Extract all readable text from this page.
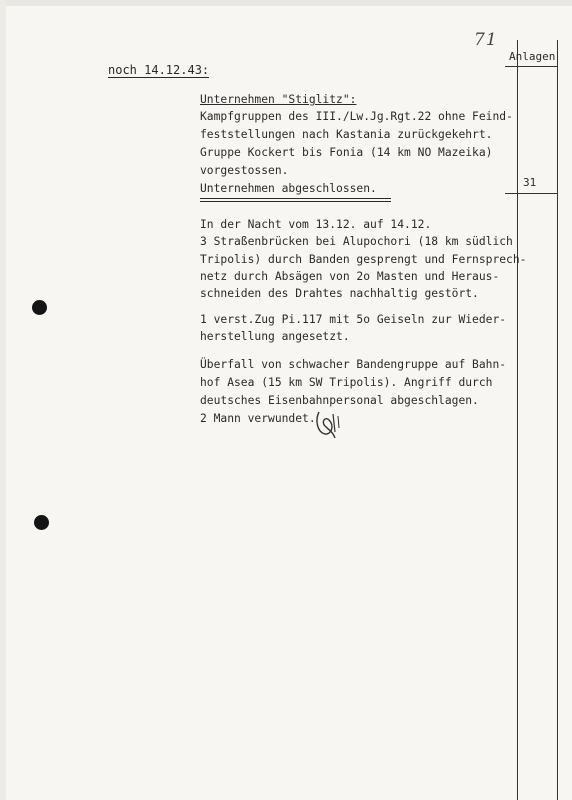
71
Anlagen
31
noch 14.12.43:
Unternehmen "Stiglitz":
Kampfgruppen des III./Lw.Jg.Rgt.22 ohne Feind-
feststellungen nach Kastania zurückgekehrt.
Gruppe Kockert bis Fonia (14 km NO Mazeika)
vorgestossen.
Unternehmen abgeschlossen.
In der Nacht vom 13.12. auf 14.12.
3 Straßenbrücken bei Alupochori (18 km südlich
Tripolis) durch Banden gesprengt und Fernsprech-
netz durch Absägen von 2o Masten und Heraus-
schneiden des Drahtes nachhaltig gestört.
1 verst.Zug Pi.117 mit 5o Geiseln zur Wieder-
herstellung angesetzt.
Überfall von schwacher Bandengruppe auf Bahn-
hof Asea (15 km SW Tripolis). Angriff durch
deutsches Eisenbahnpersonal abgeschlagen.
2 Mann verwundet.
